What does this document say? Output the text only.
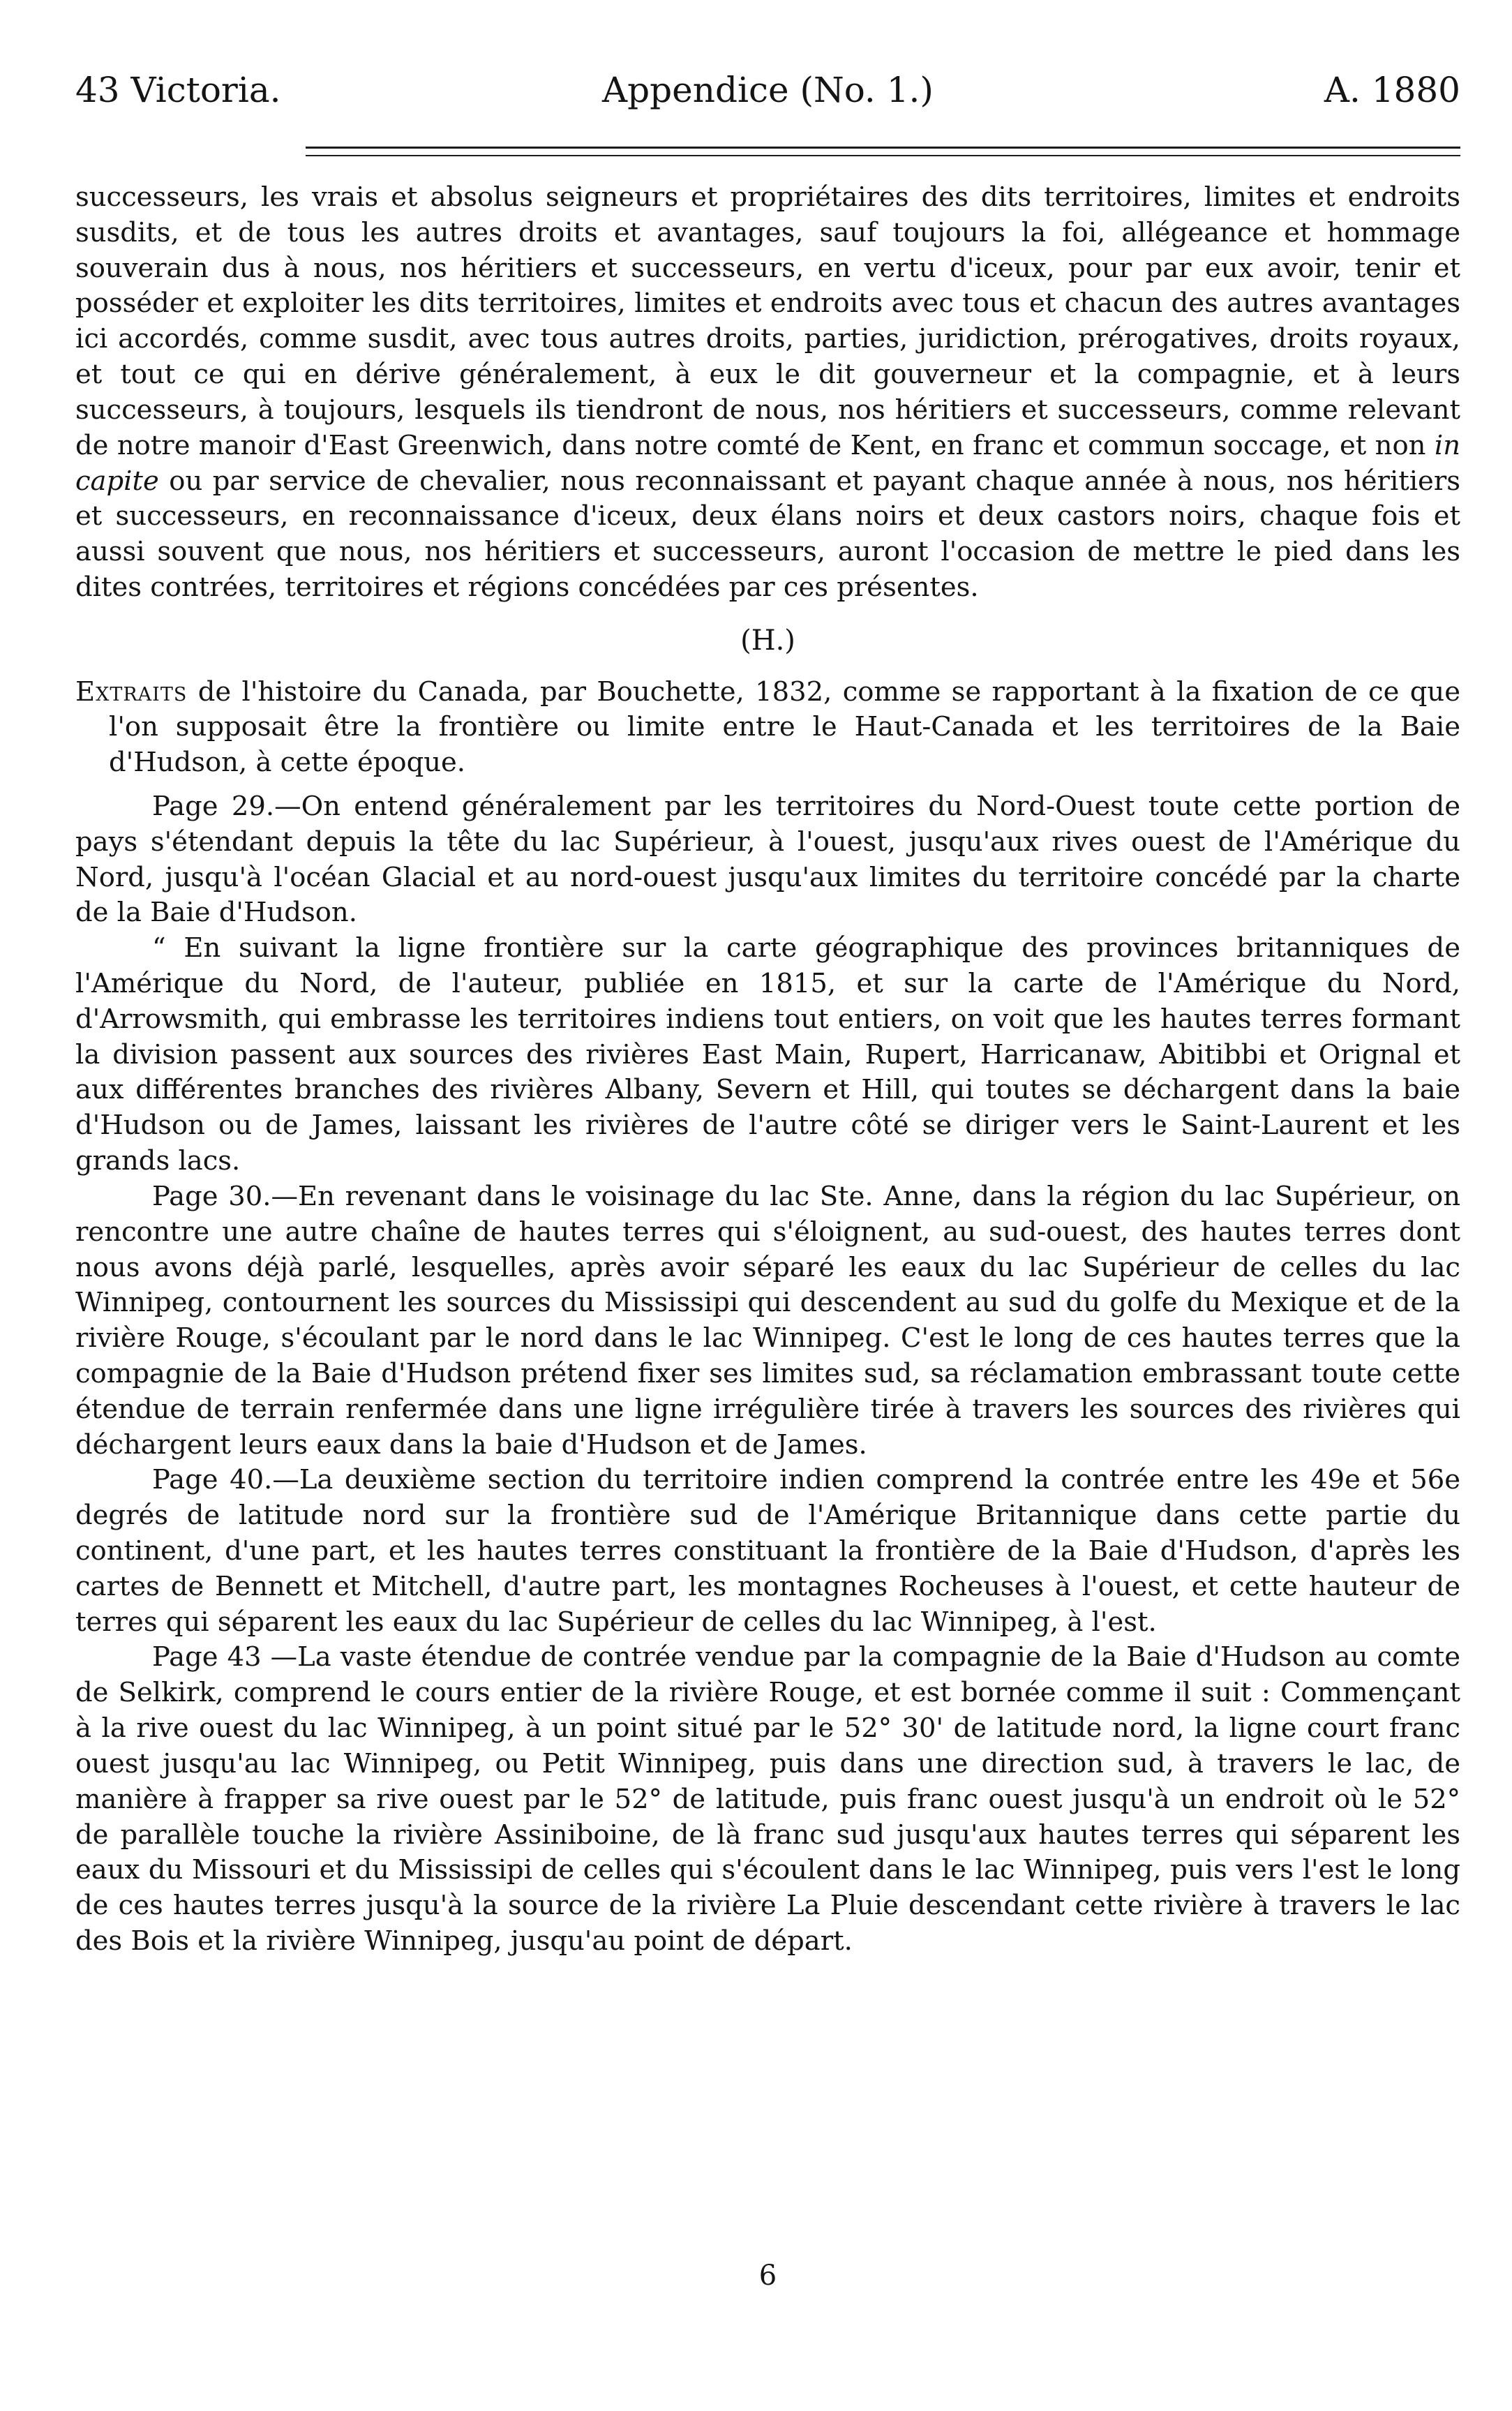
43 Victoria.	Appendice (No. 1.)	A. 1880

successeurs, les vrais et absolus seigneurs et propriétaires des dits territoires, limites et endroits susdits, et de tous les autres droits et avantages, sauf toujours la foi, allégeance et hommage souverain dus à nous, nos héritiers et successeurs, en vertu d'iceux, pour par eux avoir, tenir et posséder et exploiter les dits territoires, limites et endroits avec tous et chacun des autres avantages ici accordés, comme susdit, avec tous autres droits, parties, juridiction, prérogatives, droits royaux, et tout ce qui en dérive généralement, à eux le dit gouverneur et la compagnie, et à leurs successeurs, à toujours, lesquels ils tiendront de nous, nos héritiers et successeurs, comme relevant de notre manoir d'East Greenwich, dans notre comté de Kent, en franc et commun soccage, et non in capite ou par service de chevalier, nous reconnaissant et payant chaque année à nous, nos héritiers et successeurs, en reconnaissance d'iceux, deux élans noirs et deux castors noirs, chaque fois et aussi souvent que nous, nos héritiers et successeurs, auront l'occasion de mettre le pied dans les dites contrées, territoires et régions concédées par ces présentes.

(H.)

Extraits de l'histoire du Canada, par Bouchette, 1832, comme se rapportant à la fixation de ce que l'on supposait être la frontière ou limite entre le Haut-Canada et les territoires de la Baie d'Hudson, à cette époque.

Page 29.—On entend généralement par les territoires du Nord-Ouest toute cette portion de pays s'étendant depuis la tête du lac Supérieur, à l'ouest, jusqu'aux rives ouest de l'Amérique du Nord, jusqu'à l'océan Glacial et au nord-ouest jusqu'aux limites du territoire concédé par la charte de la Baie d'Hudson.

“ En suivant la ligne frontière sur la carte géographique des provinces britanniques de l'Amérique du Nord, de l'auteur, publiée en 1815, et sur la carte de l'Amérique du Nord, d'Arrowsmith, qui embrasse les territoires indiens tout entiers, on voit que les hautes terres formant la division passent aux sources des rivières East Main, Rupert, Harricanaw, Abitibbi et Orignal et aux différentes branches des rivières Albany, Severn et Hill, qui toutes se déchargent dans la baie d'Hudson ou de James, laissant les rivières de l'autre côté se diriger vers le Saint-Laurent et les grands lacs.

Page 30.—En revenant dans le voisinage du lac Ste. Anne, dans la région du lac Supérieur, on rencontre une autre chaîne de hautes terres qui s'éloignent, au sud-ouest, des hautes terres dont nous avons déjà parlé, lesquelles, après avoir séparé les eaux du lac Supérieur de celles du lac Winnipeg, contournent les sources du Mississipi qui descendent au sud du golfe du Mexique et de la rivière Rouge, s'écoulant par le nord dans le lac Winnipeg. C'est le long de ces hautes terres que la compagnie de la Baie d'Hudson prétend fixer ses limites sud, sa réclamation embrassant toute cette étendue de terrain renfermée dans une ligne irrégulière tirée à travers les sources des rivières qui déchargent leurs eaux dans la baie d'Hudson et de James.

Page 40.—La deuxième section du territoire indien comprend la contrée entre les 49e et 56e degrés de latitude nord sur la frontière sud de l'Amérique Britannique dans cette partie du continent, d'une part, et les hautes terres constituant la frontière de la Baie d'Hudson, d'après les cartes de Bennett et Mitchell, d'autre part, les montagnes Rocheuses à l'ouest, et cette hauteur de terres qui séparent les eaux du lac Supérieur de celles du lac Winnipeg, à l'est.

Page 43 —La vaste étendue de contrée vendue par la compagnie de la Baie d'Hudson au comte de Selkirk, comprend le cours entier de la rivière Rouge, et est bornée comme il suit : Commençant à la rive ouest du lac Winnipeg, à un point situé par le 52° 30' de latitude nord, la ligne court franc ouest jusqu'au lac Winnipeg, ou Petit Winnipeg, puis dans une direction sud, à travers le lac, de manière à frapper sa rive ouest par le 52° de latitude, puis franc ouest jusqu'à un endroit où le 52° de parallèle touche la rivière Assiniboine, de là franc sud jusqu'aux hautes terres qui séparent les eaux du Missouri et du Mississipi de celles qui s'écoulent dans le lac Winnipeg, puis vers l'est le long de ces hautes terres jusqu'à la source de la rivière La Pluie descendant cette rivière à travers le lac des Bois et la rivière Winnipeg, jusqu'au point de départ.

6
